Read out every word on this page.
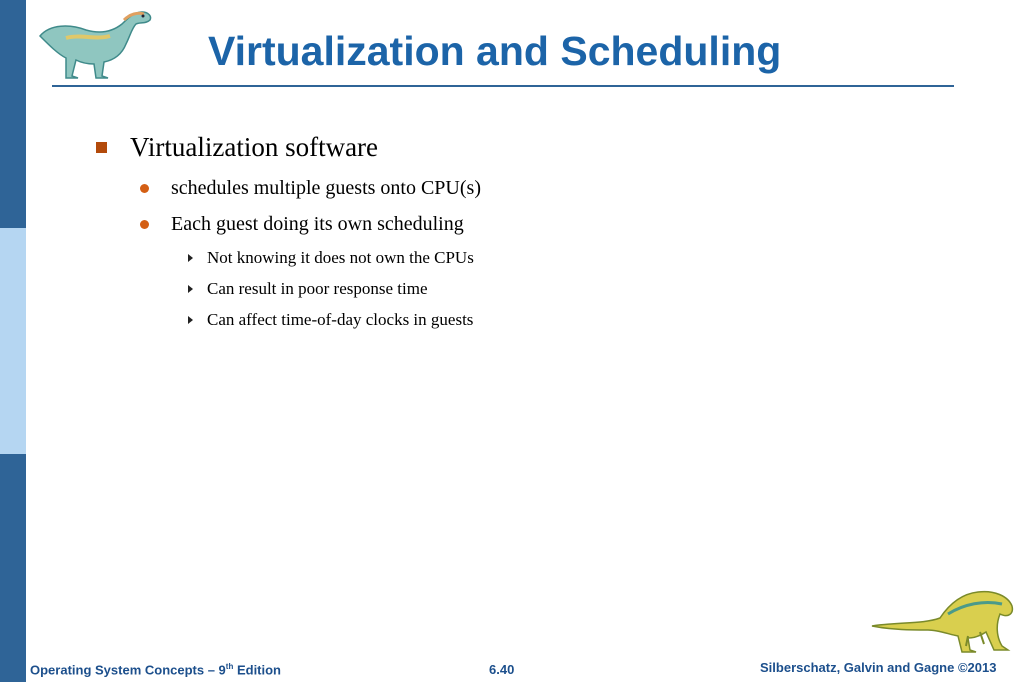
Virtualization and Scheduling
Virtualization software
schedules multiple guests onto CPU(s)
Each guest doing its own scheduling
Not knowing it does not own the CPUs
Can result in poor response time
Can affect time-of-day clocks in guests
Operating System Concepts – 9th Edition	6.40	Silberschatz, Galvin and Gagne ©2013
